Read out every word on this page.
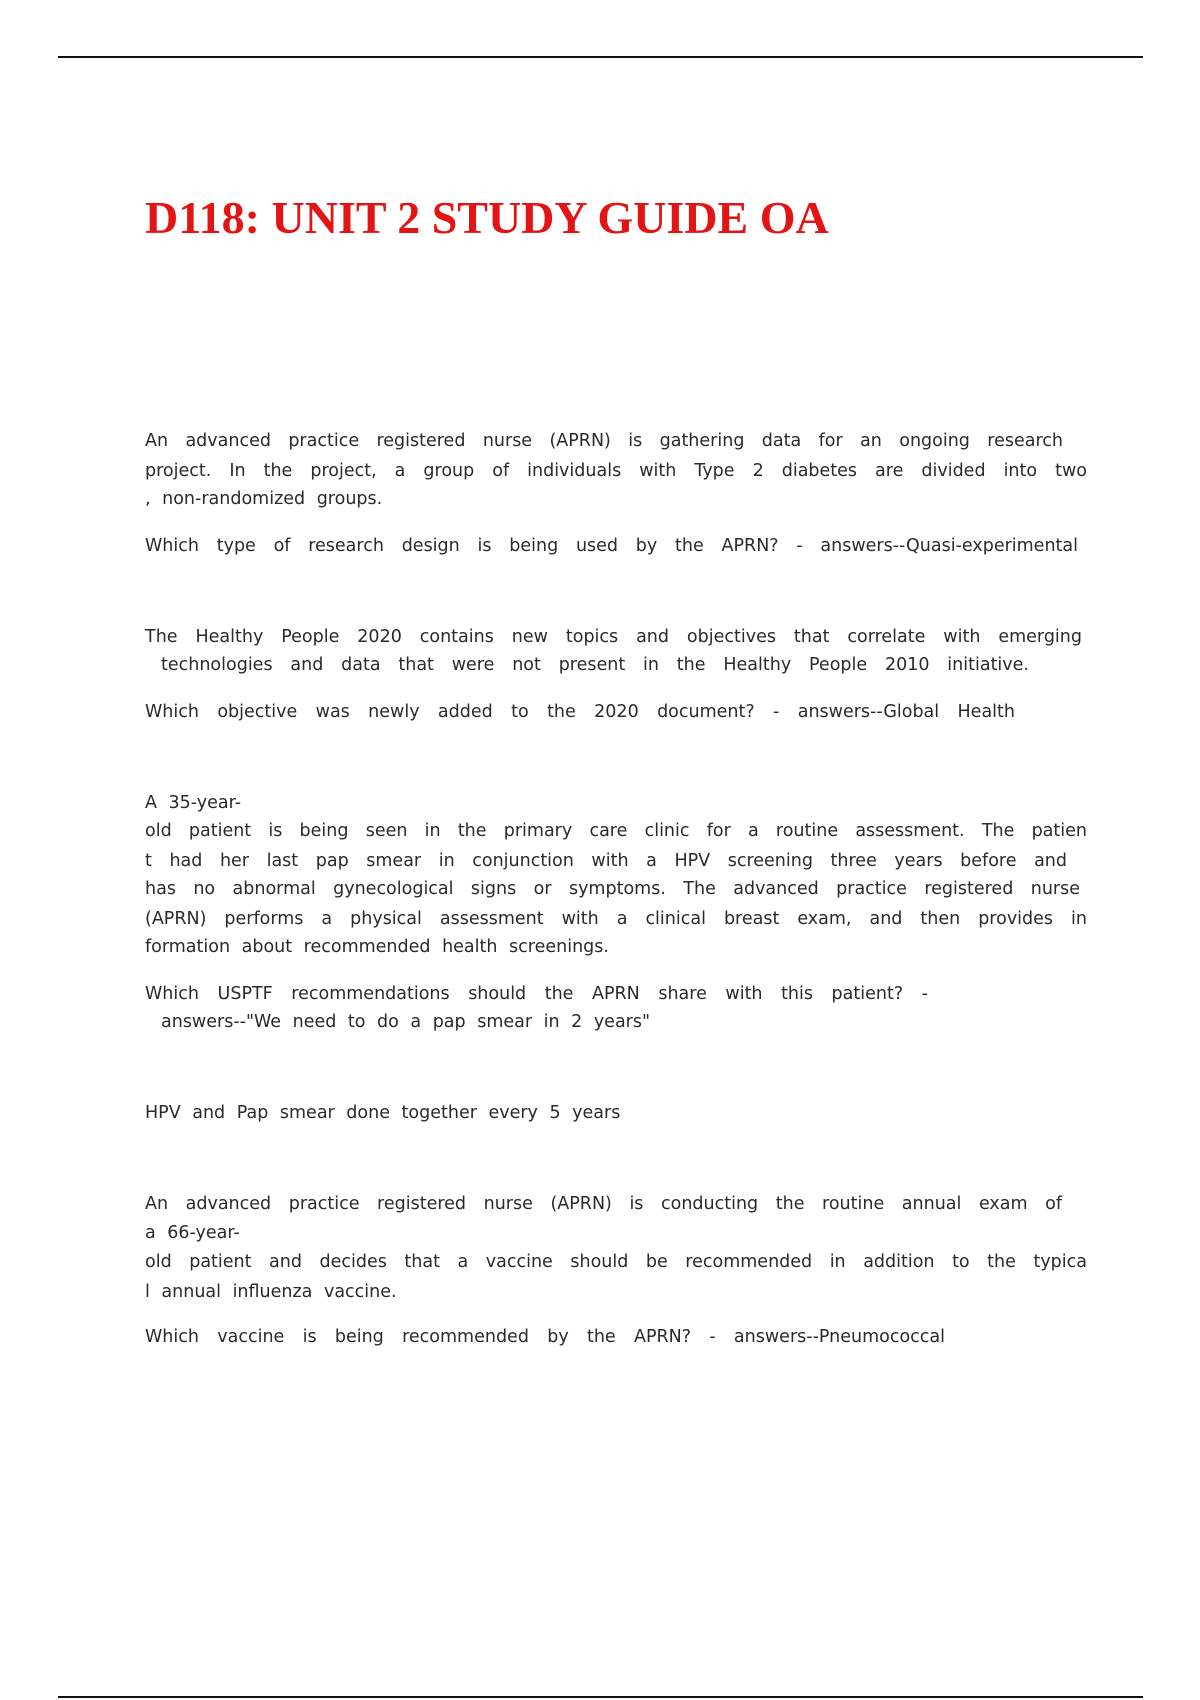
D118: UNIT 2 STUDY GUIDE OA

An advanced practice registered nurse (APRN) is gathering data for an ongoing research

project. In the project, a group of individuals with Type 2 diabetes are divided into two

, non-randomized groups.

Which type of research design is being used by the APRN? - answers--Quasi-experimental

The Healthy People 2020 contains new topics and objectives that correlate with emerging

technologies and data that were not present in the Healthy People 2010 initiative.

Which objective was newly added to the 2020 document? - answers--Global Health

A 35-year-

old patient is being seen in the primary care clinic for a routine assessment. The patien

t had her last pap smear in conjunction with a HPV screening three years before and

has no abnormal gynecological signs or symptoms. The advanced practice registered nurse

(APRN) performs a physical assessment with a clinical breast exam, and then provides in

formation about recommended health screenings.

Which USPTF recommendations should the APRN share with this patient? -

answers--"We need to do a pap smear in 2 years"

HPV and Pap smear done together every 5 years

An advanced practice registered nurse (APRN) is conducting the routine annual exam of

a 66-year-

old patient and decides that a vaccine should be recommended in addition to the typica

l annual influenza vaccine.

Which vaccine is being recommended by the APRN? - answers--Pneumococcal
